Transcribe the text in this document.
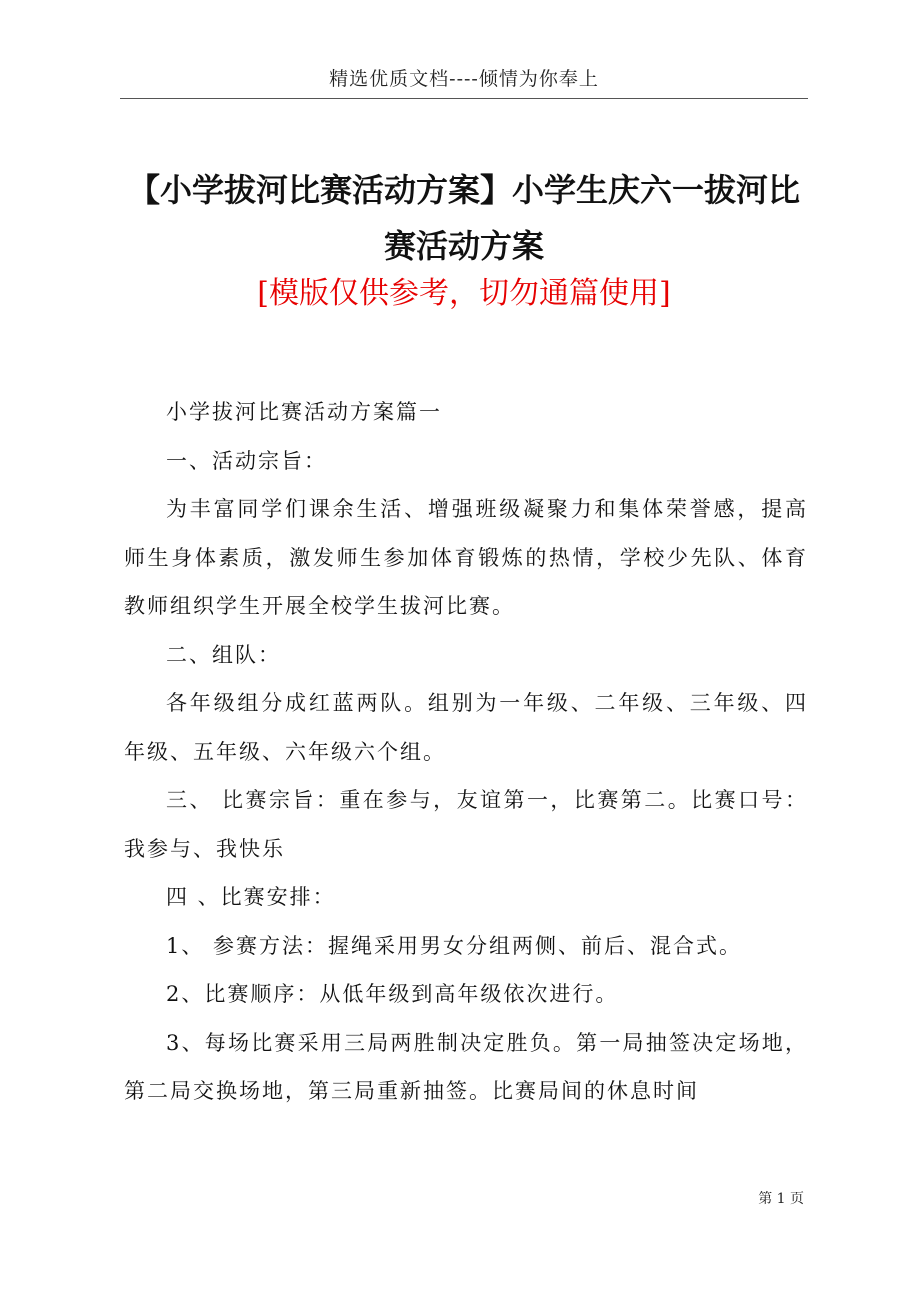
精选优质文档----倾情为你奉上
【小学拔河比赛活动方案】小学生庆六一拔河比赛活动方案
[模版仅供参考，切勿通篇使用]

小学拔河比赛活动方案篇一

一、活动宗旨：

为丰富同学们课余生活、增强班级凝聚力和集体荣誉感，提高师生身体素质，激发师生参加体育锻炼的热情，学校少先队、体育教师组织学生开展全校学生拔河比赛。

二、组队：

各年级组分成红蓝两队。组别为一年级、二年级、三年级、四年级、五年级、六年级六个组。

三、 比赛宗旨：重在参与，友谊第一，比赛第二。比赛口号：我参与、我快乐

四 、比赛安排：

1、 参赛方法：握绳采用男女分组两侧、前后、混合式。

2、比赛顺序：从低年级到高年级依次进行。

3、每场比赛采用三局两胜制决定胜负。第一局抽签决定场地，第二局交换场地，第三局重新抽签。比赛局间的休息时间

第 1 页
